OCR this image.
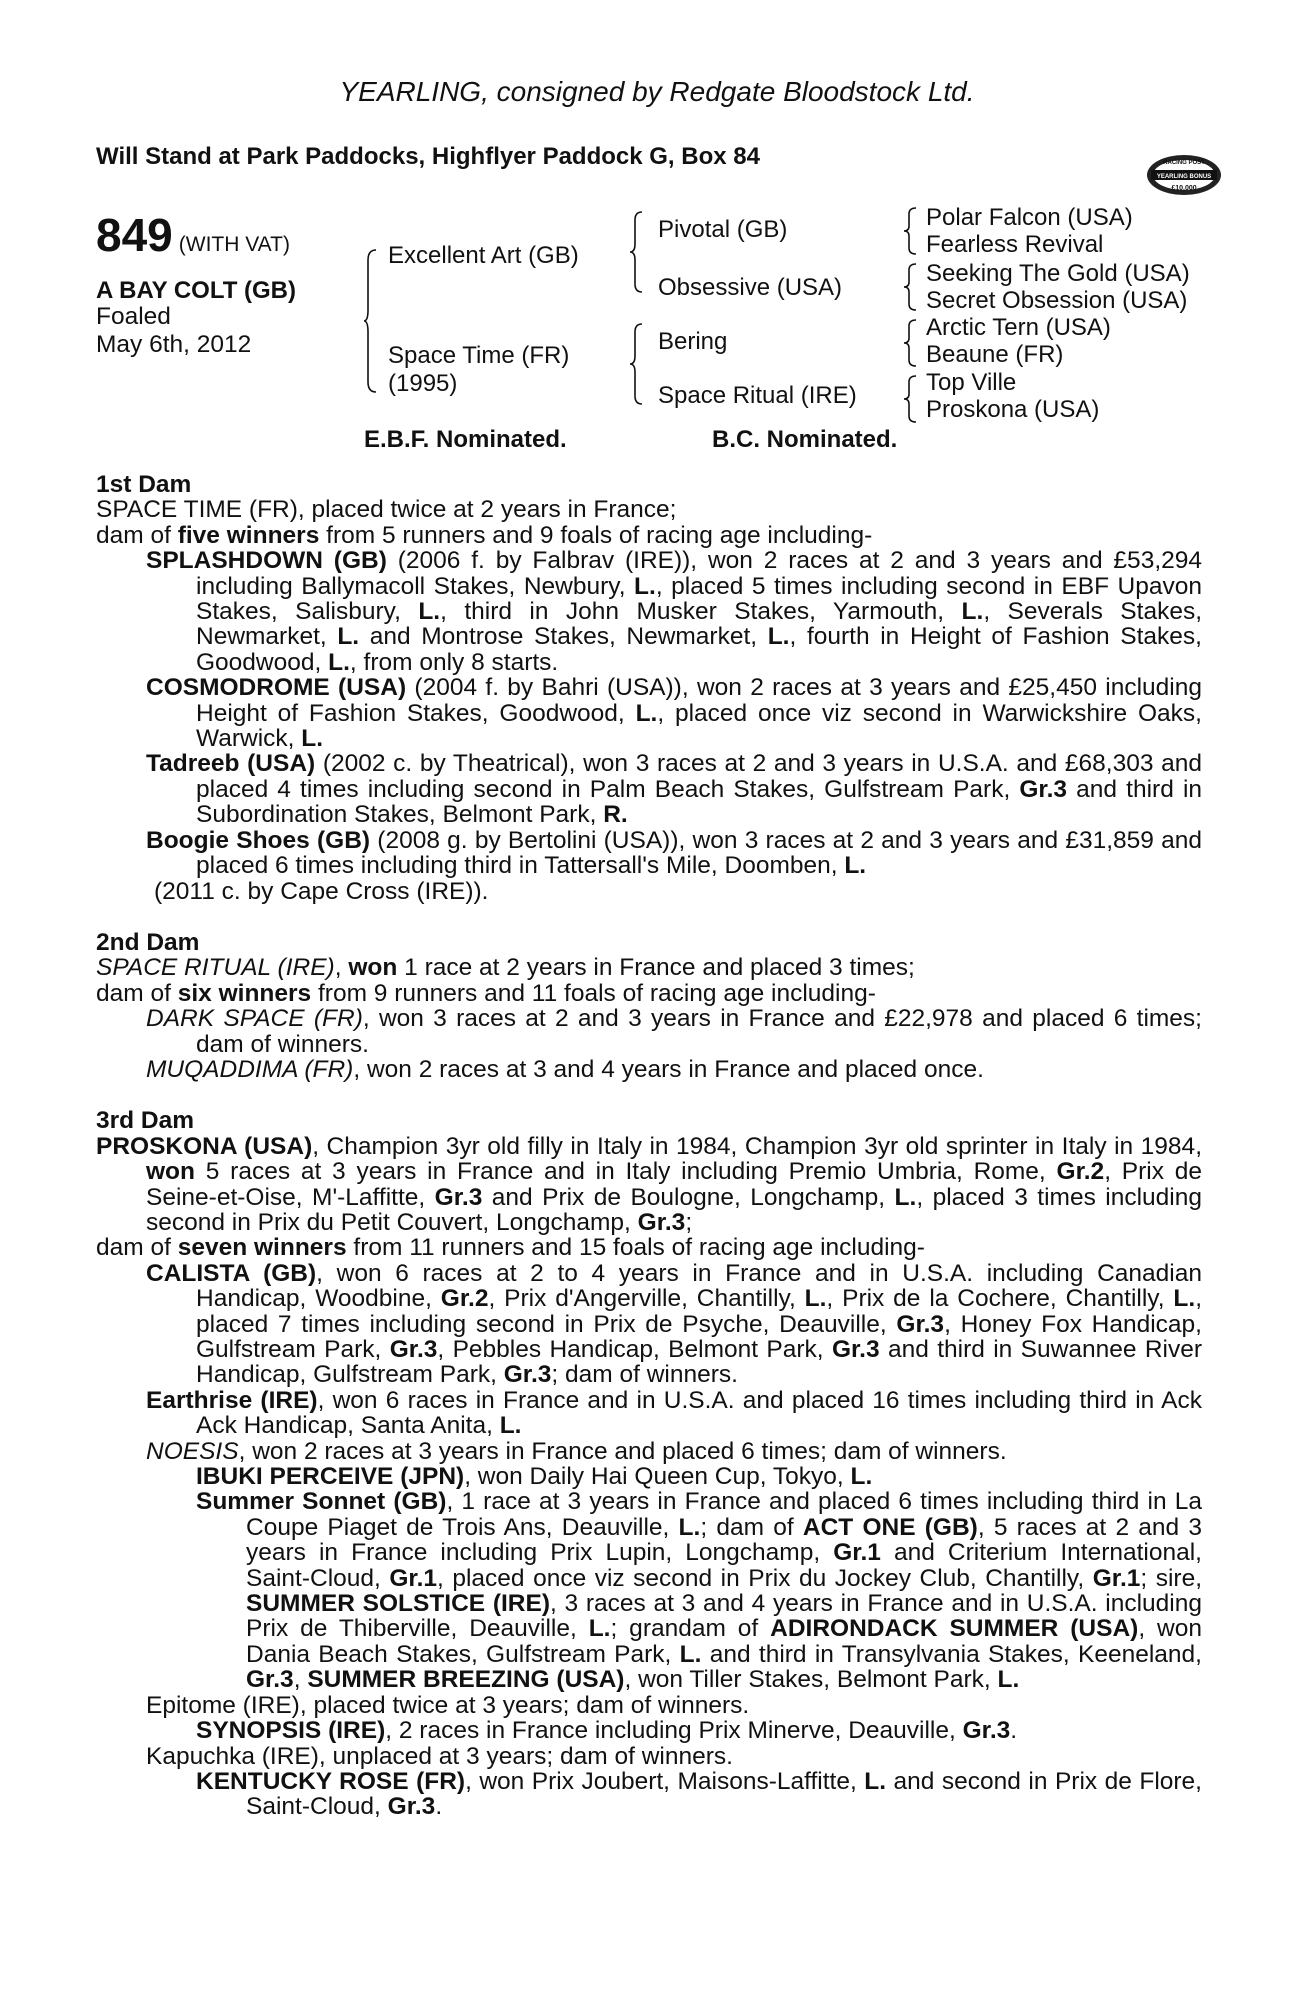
YEARLING, consigned by Redgate Bloodstock Ltd.
Will Stand at Park Paddocks, Highflyer Paddock G, Box 84	RACING POST
YEARLING BONUS
£10,000
849 (WITH VAT)
A BAY COLT (GB)
Foaled
May 6th, 2012
Excellent Art (GB)
Space Time (FR)
(1995)
E.B.F. Nominated.
Pivotal (GB)
Obsessive (USA)
Bering
Space Ritual (IRE)
B.C. Nominated.
Polar Falcon (USA)
Fearless Revival
Seeking The Gold (USA)
Secret Obsession (USA)
Arctic Tern (USA)
Beaune (FR)
Top Ville
Proskona (USA)

1st Dam

SPACE TIME (FR), placed twice at 2 years in France;

dam of five winners from 5 runners and 9 foals of racing age including-

SPLASHDOWN (GB) (2006 f. by Falbrav (IRE)), won 2 races at 2 and 3 years and £53,294 including Ballymacoll Stakes, Newbury, L., placed 5 times including second in EBF Upavon Stakes, Salisbury, L., third in John Musker Stakes, Yarmouth, L., Severals Stakes, Newmarket, L. and Montrose Stakes, Newmarket, L., fourth in Height of Fashion Stakes, Goodwood, L., from only 8 starts.

COSMODROME (USA) (2004 f. by Bahri (USA)), won 2 races at 3 years and £25,450 including Height of Fashion Stakes, Goodwood, L., placed once viz second in Warwickshire Oaks, Warwick, L.

Tadreeb (USA) (2002 c. by Theatrical), won 3 races at 2 and 3 years in U.S.A. and £68,303 and placed 4 times including second in Palm Beach Stakes, Gulfstream Park, Gr.3 and third in Subordination Stakes, Belmont Park, R.

Boogie Shoes (GB) (2008 g. by Bertolini (USA)), won 3 races at 2 and 3 years and £31,859 and placed 6 times including third in Tattersall's Mile, Doomben, L.

(2011 c. by Cape Cross (IRE)).

2nd Dam

SPACE RITUAL (IRE), won 1 race at 2 years in France and placed 3 times;

dam of six winners from 9 runners and 11 foals of racing age including-

DARK SPACE (FR), won 3 races at 2 and 3 years in France and £22,978 and placed 6 times; dam of winners.

MUQADDIMA (FR), won 2 races at 3 and 4 years in France and placed once.

3rd Dam

PROSKONA (USA), Champion 3yr old filly in Italy in 1984, Champion 3yr old sprinter in Italy in 1984, won 5 races at 3 years in France and in Italy including Premio Umbria, Rome, Gr.2, Prix de Seine-et-Oise, M'-Laffitte, Gr.3 and Prix de Boulogne, Longchamp, L., placed 3 times including second in Prix du Petit Couvert, Longchamp, Gr.3;

dam of seven winners from 11 runners and 15 foals of racing age including-

CALISTA (GB), won 6 races at 2 to 4 years in France and in U.S.A. including Canadian Handicap, Woodbine, Gr.2, Prix d'Angerville, Chantilly, L., Prix de la Cochere, Chantilly, L., placed 7 times including second in Prix de Psyche, Deauville, Gr.3, Honey Fox Handicap, Gulfstream Park, Gr.3, Pebbles Handicap, Belmont Park, Gr.3 and third in Suwannee River Handicap, Gulfstream Park, Gr.3; dam of winners.

Earthrise (IRE), won 6 races in France and in U.S.A. and placed 16 times including third in Ack Ack Handicap, Santa Anita, L.

NOESIS, won 2 races at 3 years in France and placed 6 times; dam of winners.

IBUKI PERCEIVE (JPN), won Daily Hai Queen Cup, Tokyo, L.

Summer Sonnet (GB), 1 race at 3 years in France and placed 6 times including third in La Coupe Piaget de Trois Ans, Deauville, L.; dam of ACT ONE (GB), 5 races at 2 and 3 years in France including Prix Lupin, Longchamp, Gr.1 and Criterium International, Saint-Cloud, Gr.1, placed once viz second in Prix du Jockey Club, Chantilly, Gr.1; sire, SUMMER SOLSTICE (IRE), 3 races at 3 and 4 years in France and in U.S.A. including Prix de Thiberville, Deauville, L.; grandam of ADIRONDACK SUMMER (USA), won Dania Beach Stakes, Gulfstream Park, L. and third in Transylvania Stakes, Keeneland, Gr.3, SUMMER BREEZING (USA), won Tiller Stakes, Belmont Park, L.

Epitome (IRE), placed twice at 3 years; dam of winners.

SYNOPSIS (IRE), 2 races in France including Prix Minerve, Deauville, Gr.3.

Kapuchka (IRE), unplaced at 3 years; dam of winners.

KENTUCKY ROSE (FR), won Prix Joubert, Maisons-Laffitte, L. and second in Prix de Flore, Saint-Cloud, Gr.3.
